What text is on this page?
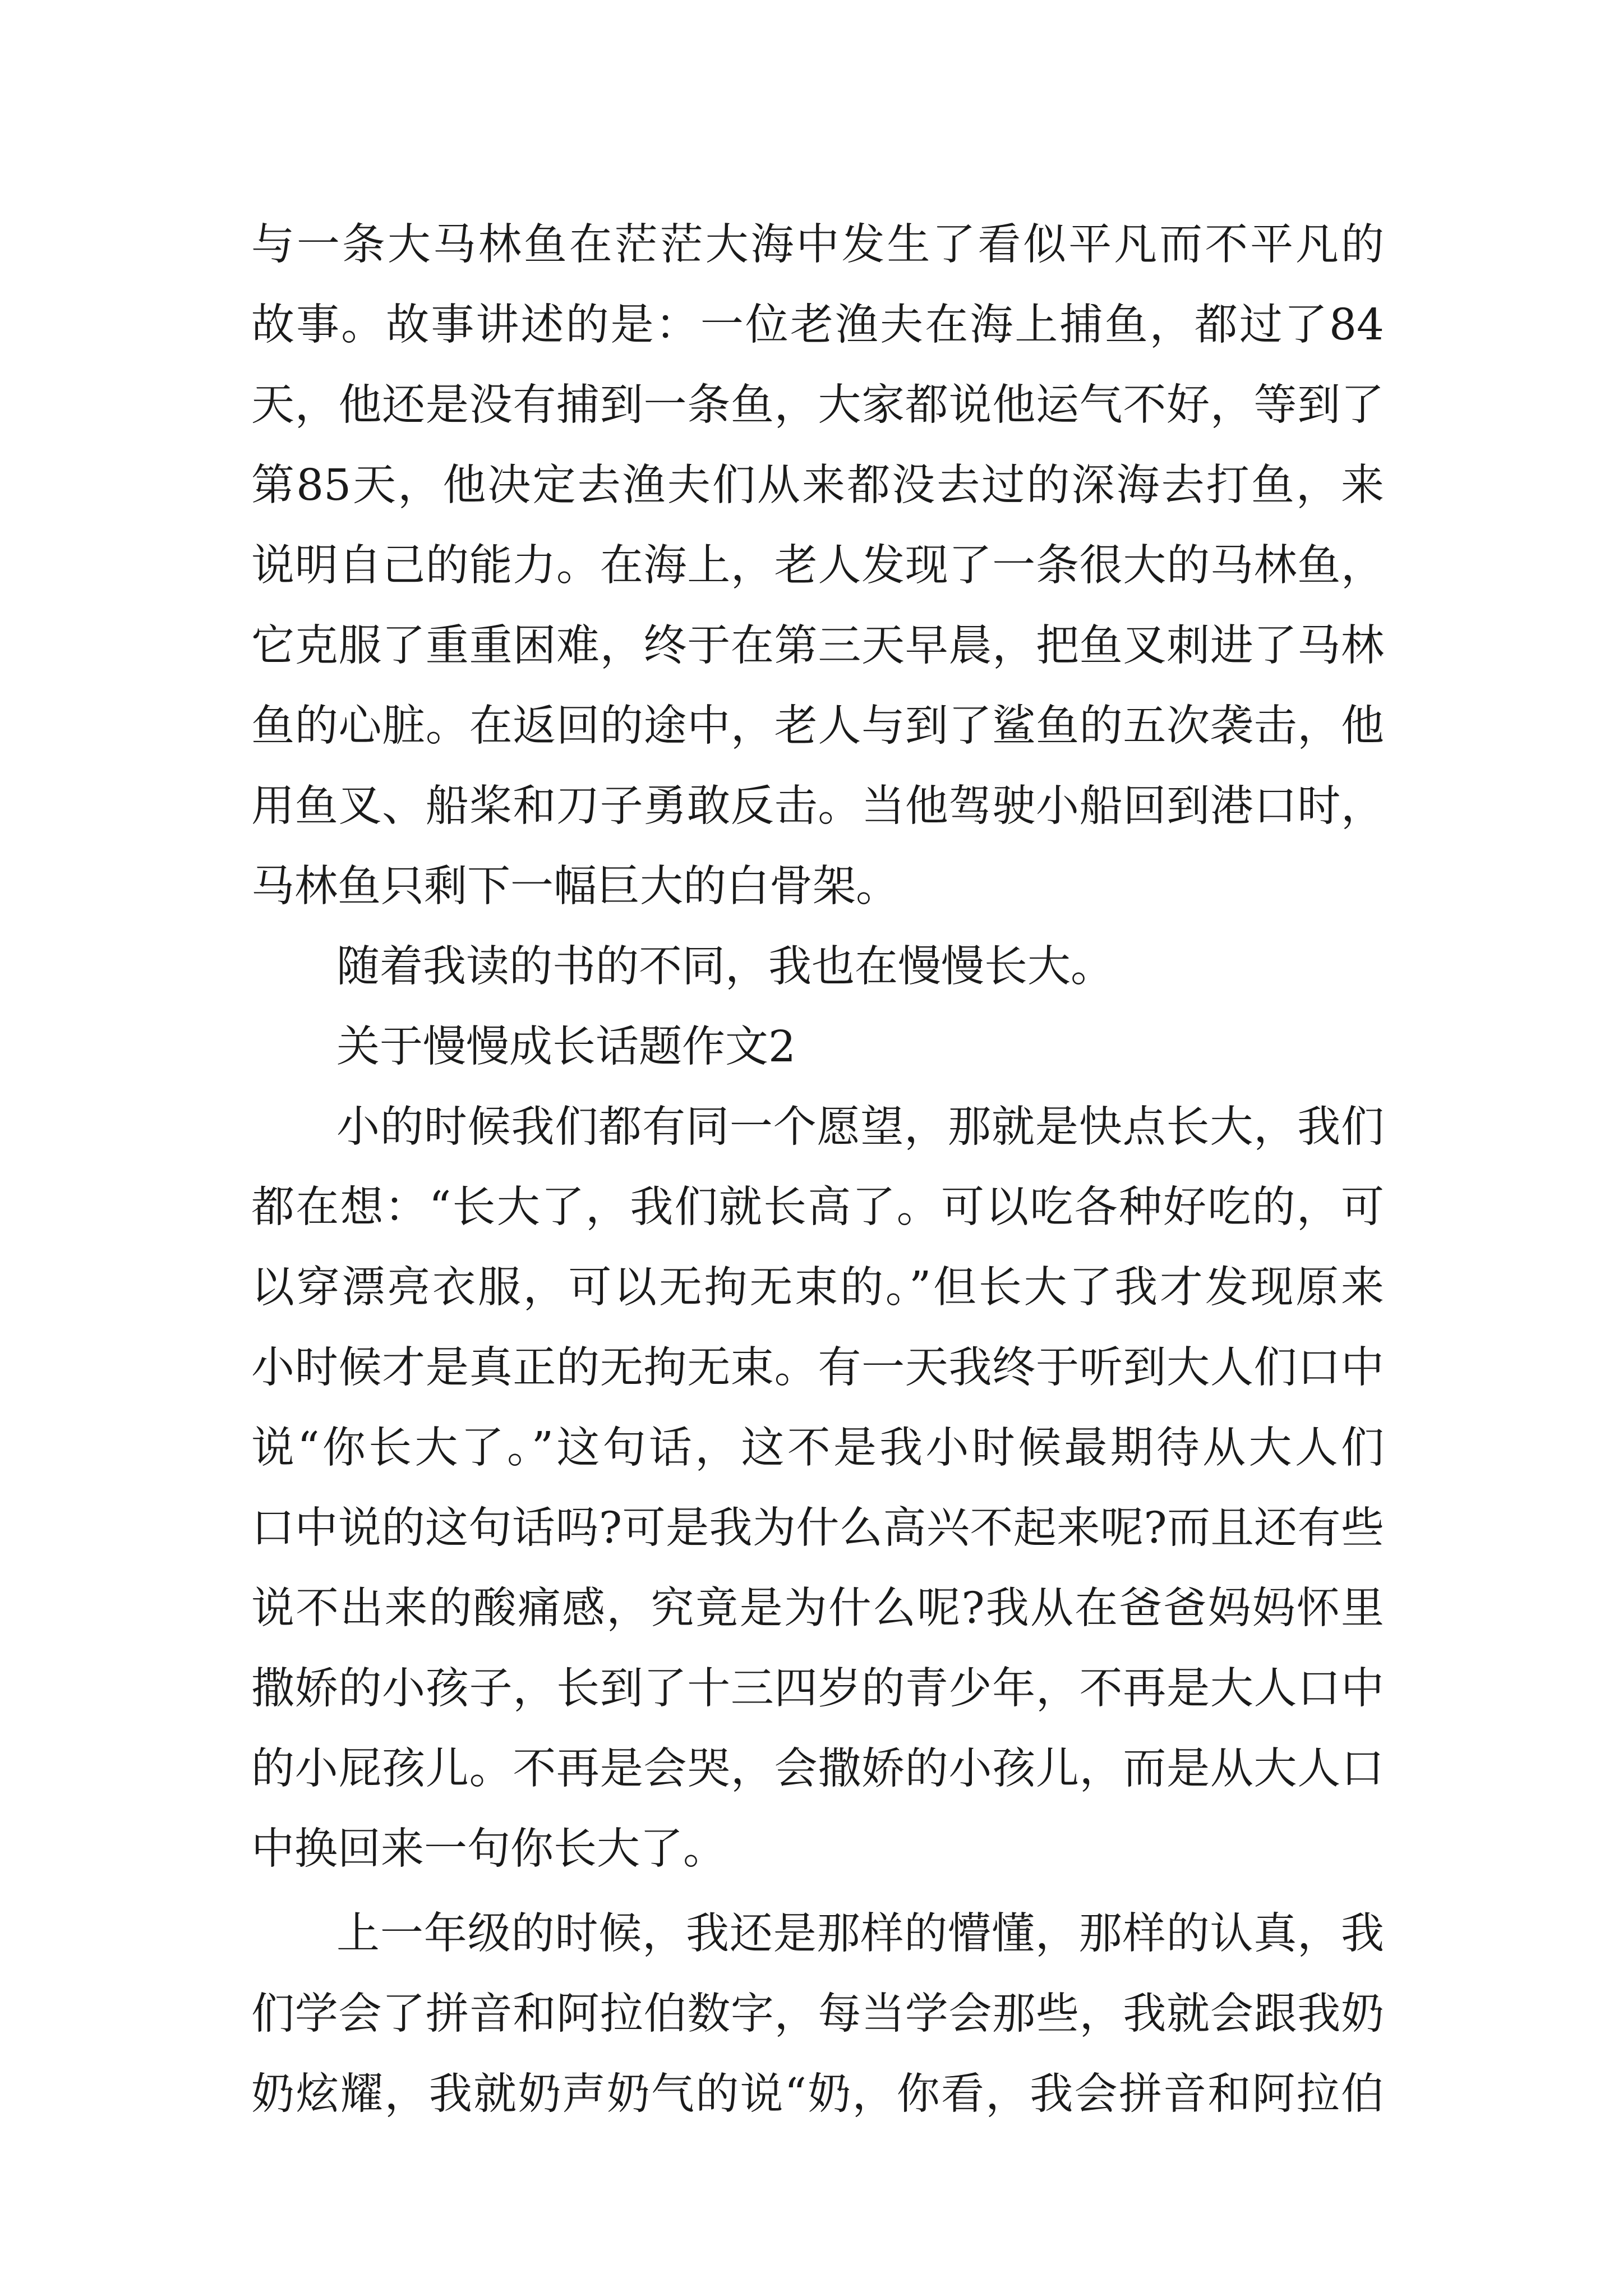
与一条大马林鱼在茫茫大海中发生了看似平凡而不平凡的
故事。故事讲述的是：一位老渔夫在海上捕鱼，都过了84
天，他还是没有捕到一条鱼，大家都说他运气不好，等到了
第85天，他决定去渔夫们从来都没去过的深海去打鱼，来
说明自己的能力。在海上，老人发现了一条很大的马林鱼，
它克服了重重困难，终于在第三天早晨，把鱼叉刺进了马林
鱼的心脏。在返回的途中，老人与到了鲨鱼的五次袭击，他
用鱼叉、船桨和刀子勇敢反击。当他驾驶小船回到港口时，
马林鱼只剩下一幅巨大的白骨架。
随着我读的书的不同，我也在慢慢长大。
关于慢慢成长话题作文2
小的时候我们都有同一个愿望，那就是快点长大，我们
都在想：“长大了，我们就长高了。可以吃各种好吃的，可
以穿漂亮衣服，可以无拘无束的。”但长大了我才发现原来
小时候才是真正的无拘无束。有一天我终于听到大人们口中
说“你长大了。”这句话，这不是我小时候最期待从大人们
口中说的这句话吗?可是我为什么高兴不起来呢?而且还有些
说不出来的酸痛感，究竟是为什么呢?我从在爸爸妈妈怀里
撒娇的小孩子，长到了十三四岁的青少年，不再是大人口中
的小屁孩儿。不再是会哭，会撒娇的小孩儿，而是从大人口
中换回来一句你长大了。
上一年级的时候，我还是那样的懵懂，那样的认真，我
们学会了拼音和阿拉伯数字，每当学会那些，我就会跟我奶
奶炫耀，我就奶声奶气的说“奶，你看，我会拼音和阿拉伯
